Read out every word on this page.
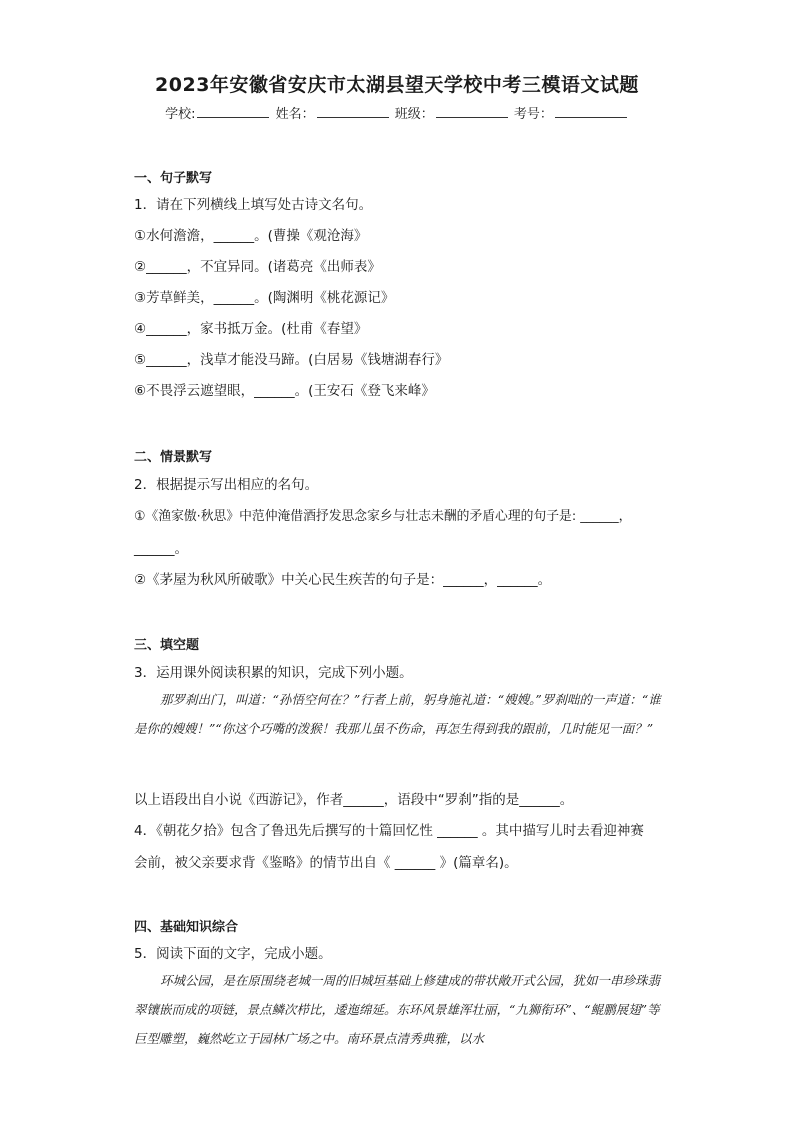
2023年安徽省安庆市太湖县望天学校中考三模语文试题
学校:	姓名：	班级：	考号：
一、句子默写
1．请在下列横线上填写处古诗文名句。
①水何澹澹，______。(曹操《观沧海》
②______，不宜异同。(诸葛亮《出师表》
③芳草鲜美，______。(陶渊明《桃花源记》
④______，家书抵万金。(杜甫《春望》
⑤______，浅草才能没马蹄。(白居易《钱塘湖春行》
⑥不畏浮云遮望眼，______。(王安石《登飞来峰》
二、情景默写
2．根据提示写出相应的名句。
①《渔家傲·秋思》中范仲淹借酒抒发思念家乡与壮志未酬的矛盾心理的句子是: ______，
______。
②《茅屋为秋风所破歌》中关心民生疾苦的句子是：______，______。
三、填空题
3．运用课外阅读积累的知识，完成下列小题。
那罗刹出门，叫道：“孙悟空何在？”行者上前，躬身施礼道：“嫂嫂。”罗刹咄的一声道：“谁是你的嫂嫂！”“你这个巧嘴的泼猴！我那儿虽不伤命，再怎生得到我的跟前，几时能见一面？”
以上语段出自小说《西游记》，作者______，语段中“罗刹”指的是______。
4．《朝花夕拾》包含了鲁迅先后撰写的十篇回忆性 ______ 。其中描写儿时去看迎神赛
会前，被父亲要求背《鉴略》的情节出自《 ______ 》(篇章名)。
四、基础知识综合
5．阅读下面的文字，完成小题。
环城公园，是在原围绕老城一周的旧城垣基础上修建成的带状敞开式公园，犹如一串珍珠翡翠镶嵌而成的项链，景点鳞次栉比，逶迤绵延。东环风景雄浑壮丽，“九狮衔环”、“鲲鹏展翅”等巨型雕塑，巍然屹立于园林广场之中。南环景点清秀典雅，以水
